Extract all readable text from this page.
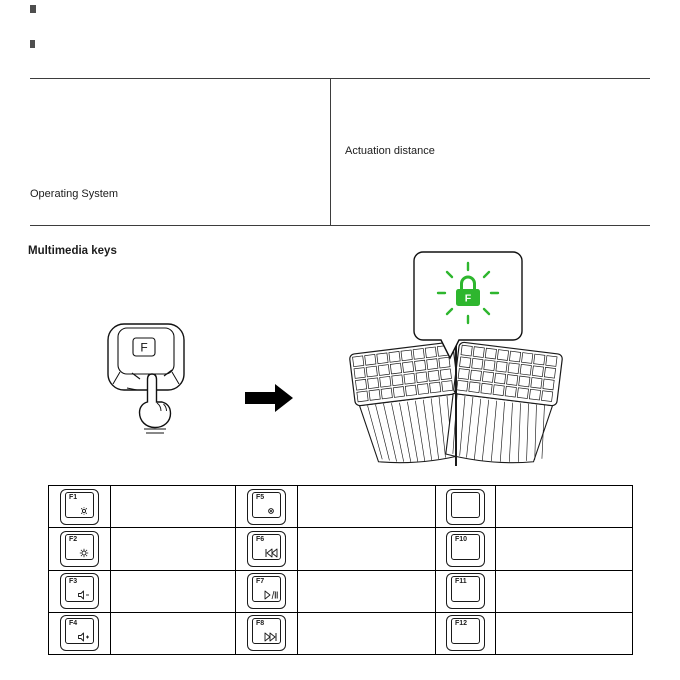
Operating System
Actuation distance
Multimedia keys
F
F
F1		F5			

F2		F6		F10	

F3		F7		F11	

F4		F8		F12	
